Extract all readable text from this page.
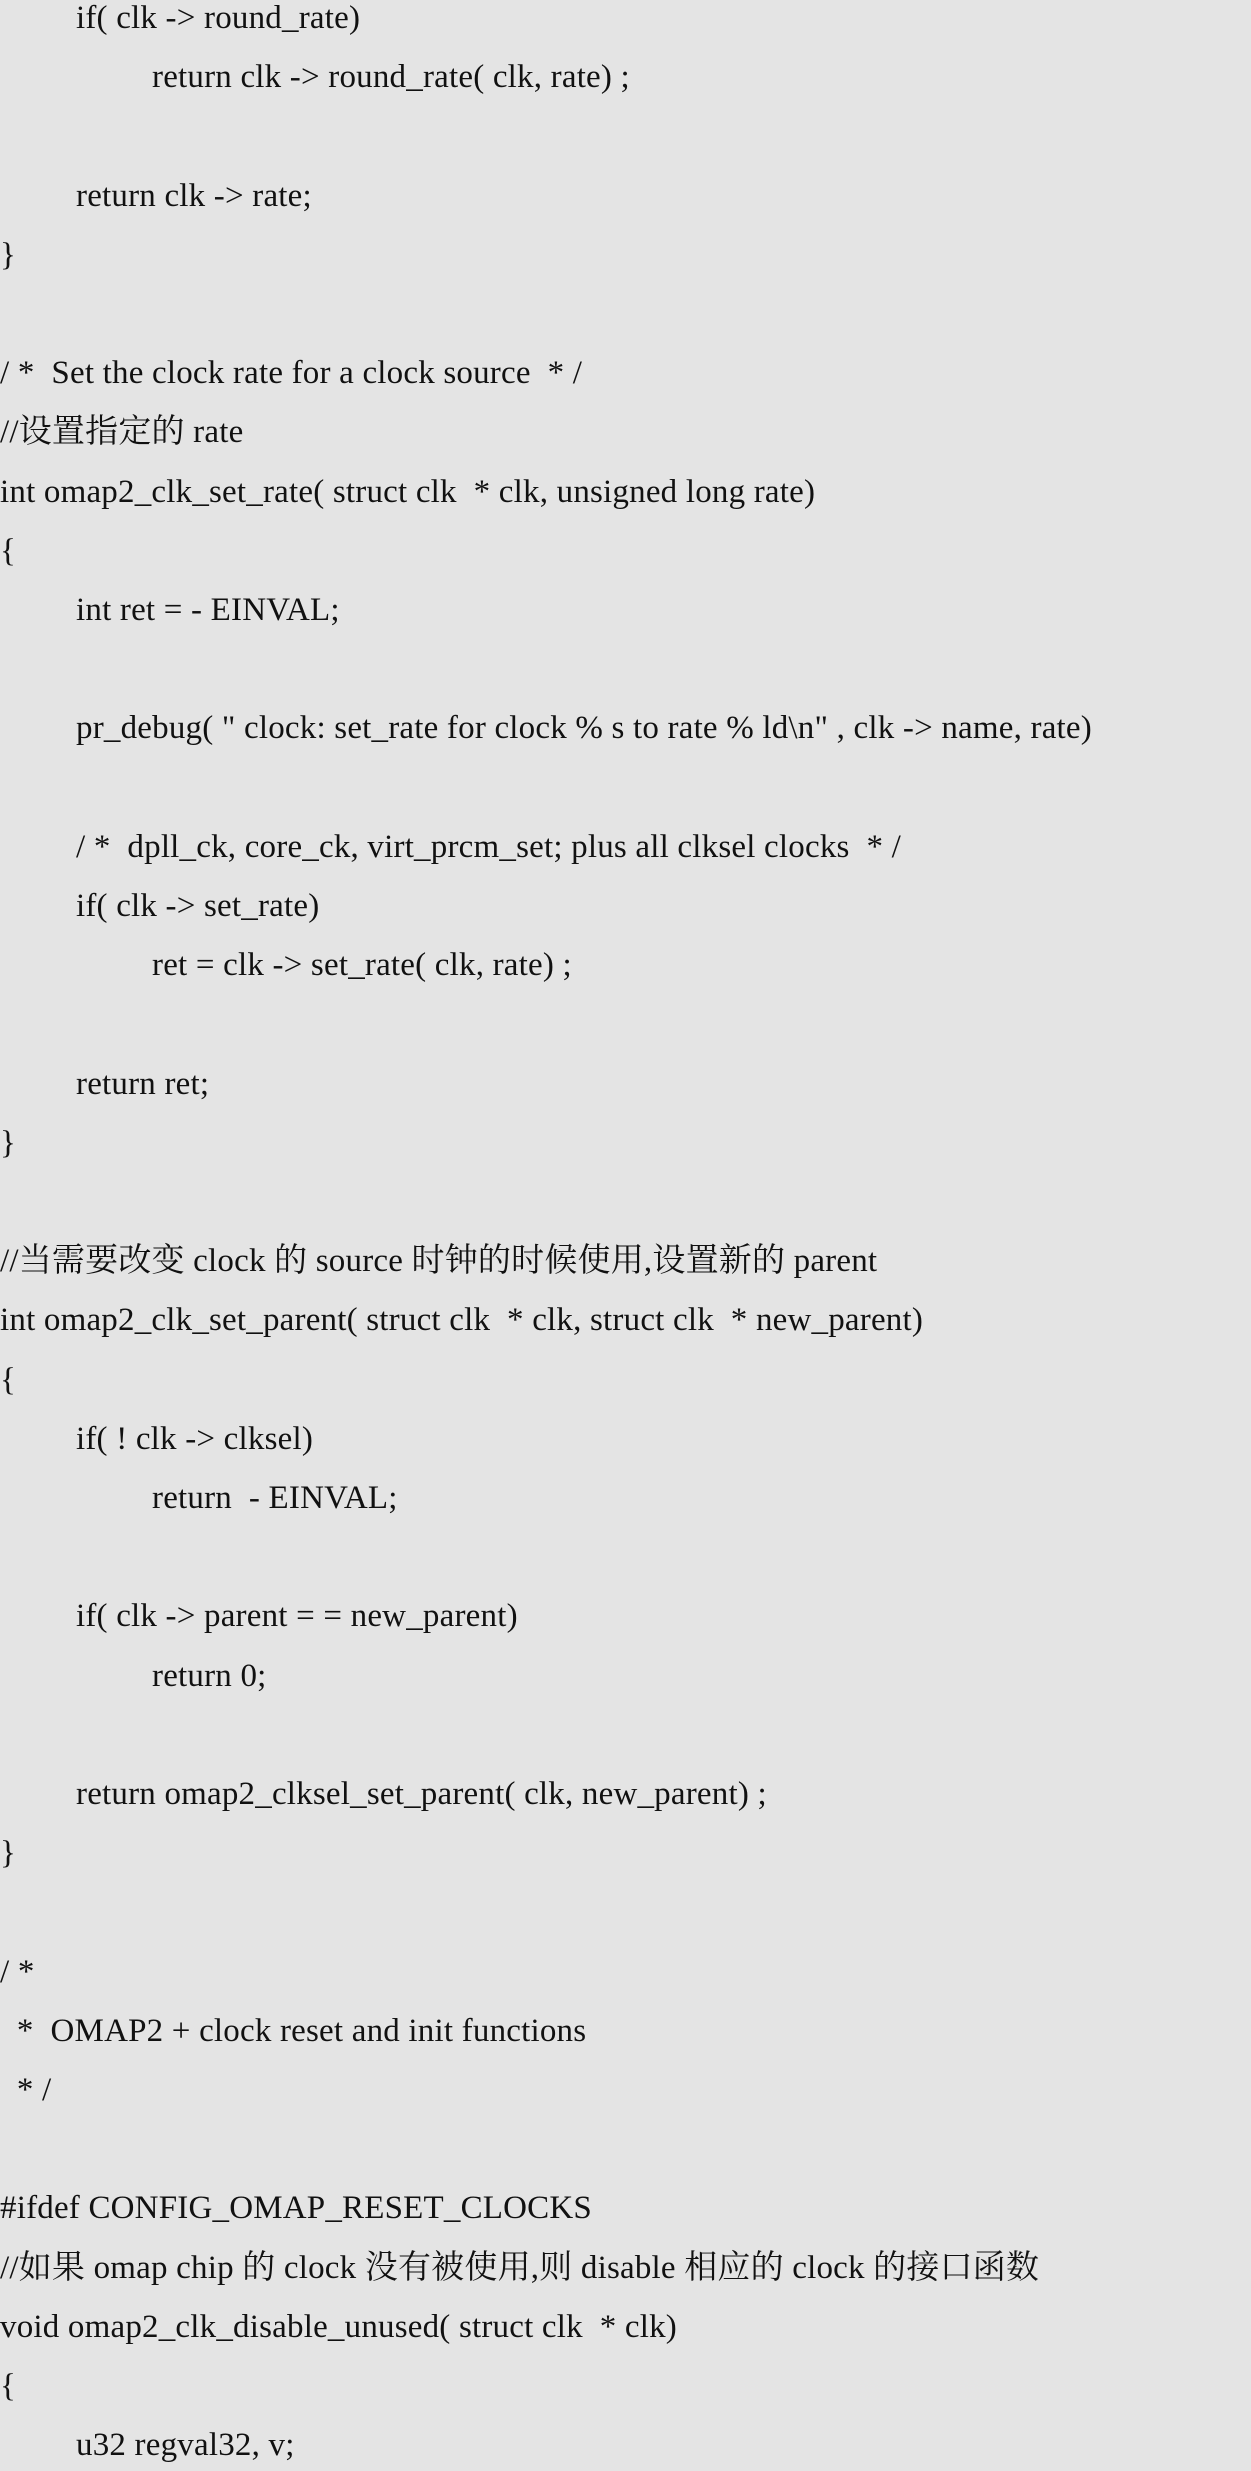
if( clk -> round_rate)
return clk -> round_rate( clk, rate) ;
return clk -> rate;
}
/ *  Set the clock rate for a clock source  * /
//设置指定的 rate
int omap2_clk_set_rate( struct clk  * clk, unsigned long rate)
{
int ret = - EINVAL;
pr_debug( " clock: set_rate for clock % s to rate % ld\n" , clk -> name, rate)
/ *  dpll_ck, core_ck, virt_prcm_set; plus all clksel clocks  * /
if( clk -> set_rate)
ret = clk -> set_rate( clk, rate) ;
return ret;
}
//当需要改变 clock 的 source 时钟的时候使用,设置新的 parent
int omap2_clk_set_parent( struct clk  * clk, struct clk  * new_parent)
{
if( ! clk -> clksel)
return  - EINVAL;
if( clk -> parent = = new_parent)
return 0;
return omap2_clksel_set_parent( clk, new_parent) ;
}
/ *
*  OMAP2 + clock reset and init functions
* /
#ifdef CONFIG_OMAP_RESET_CLOCKS
//如果 omap chip 的 clock 没有被使用,则 disable 相应的 clock 的接口函数
void omap2_clk_disable_unused( struct clk  * clk)
{
u32 regval32, v;
